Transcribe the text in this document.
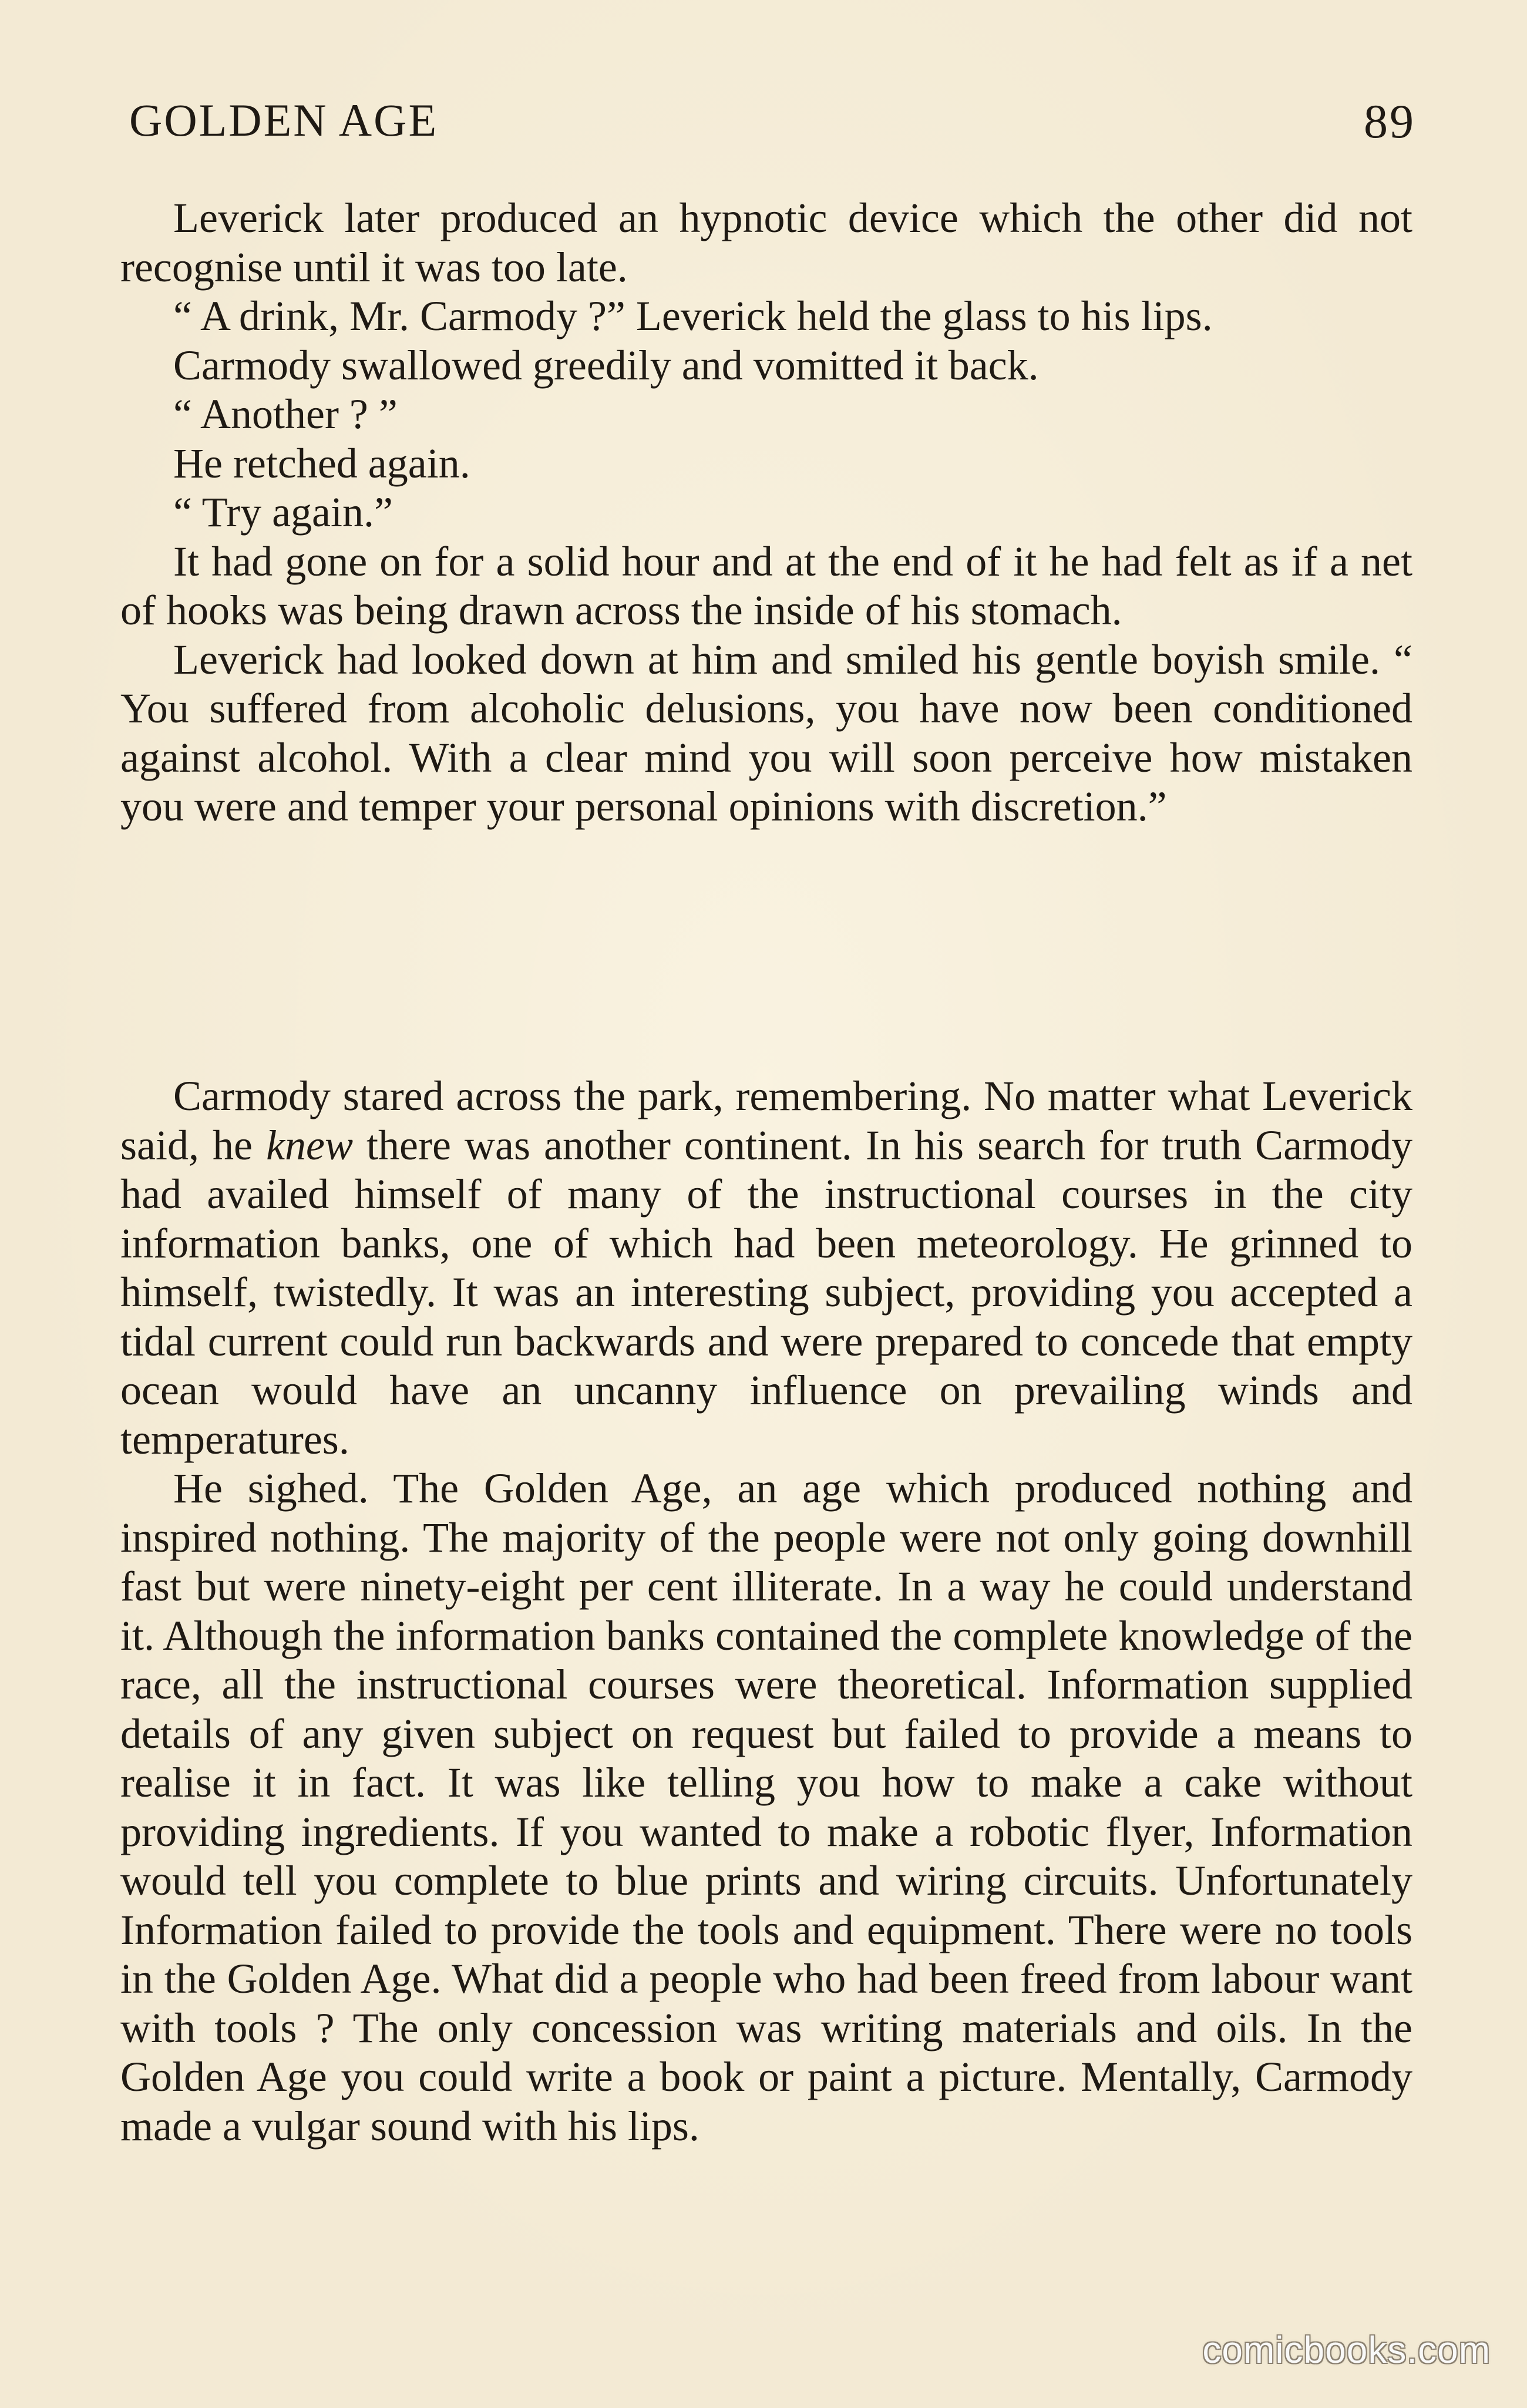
GOLDEN AGE	89

Leverick later produced an hypnotic device which the other did not recognise until it was too late.

“ A drink, Mr. Carmody ?” Leverick held the glass to his lips.

Carmody swallowed greedily and vomitted it back.

“ Another ? ”

He retched again.

“ Try again.”

It had gone on for a solid hour and at the end of it he had felt as if a net of hooks was being drawn across the inside of his stomach.

Leverick had looked down at him and smiled his gentle boyish smile. “ You suffered from alcoholic delusions, you have now been conditioned against alcohol. With a clear mind you will soon perceive how mistaken you were and temper your personal opinions with discretion.”

Carmody stared across the park, remembering. No matter what Leverick said, he knew there was another continent. In his search for truth Carmody had availed himself of many of the instructional courses in the city information banks, one of which had been meteorology. He grinned to himself, twistedly. It was an interesting subject, providing you accepted a tidal current could run backwards and were prepared to concede that empty ocean would have an uncanny influence on prevailing winds and temperatures.

He sighed. The Golden Age, an age which produced nothing and inspired nothing. The majority of the people were not only going downhill fast but were ninety-eight per cent illiterate. In a way he could understand it. Although the information banks contained the complete knowledge of the race, all the instructional courses were theoretical. Information supplied details of any given subject on request but failed to provide a means to realise it in fact. It was like telling you how to make a cake without providing ingredients. If you wanted to make a robotic flyer, Information would tell you complete to blue prints and wiring circuits. Unfortunately Information failed to provide the tools and equipment. There were no tools in the Golden Age. What did a people who had been freed from labour want with tools ? The only concession was writing materials and oils. In the Golden Age you could write a book or paint a picture. Mentally, Carmody made a vulgar sound with his lips.

comicbooks.com
